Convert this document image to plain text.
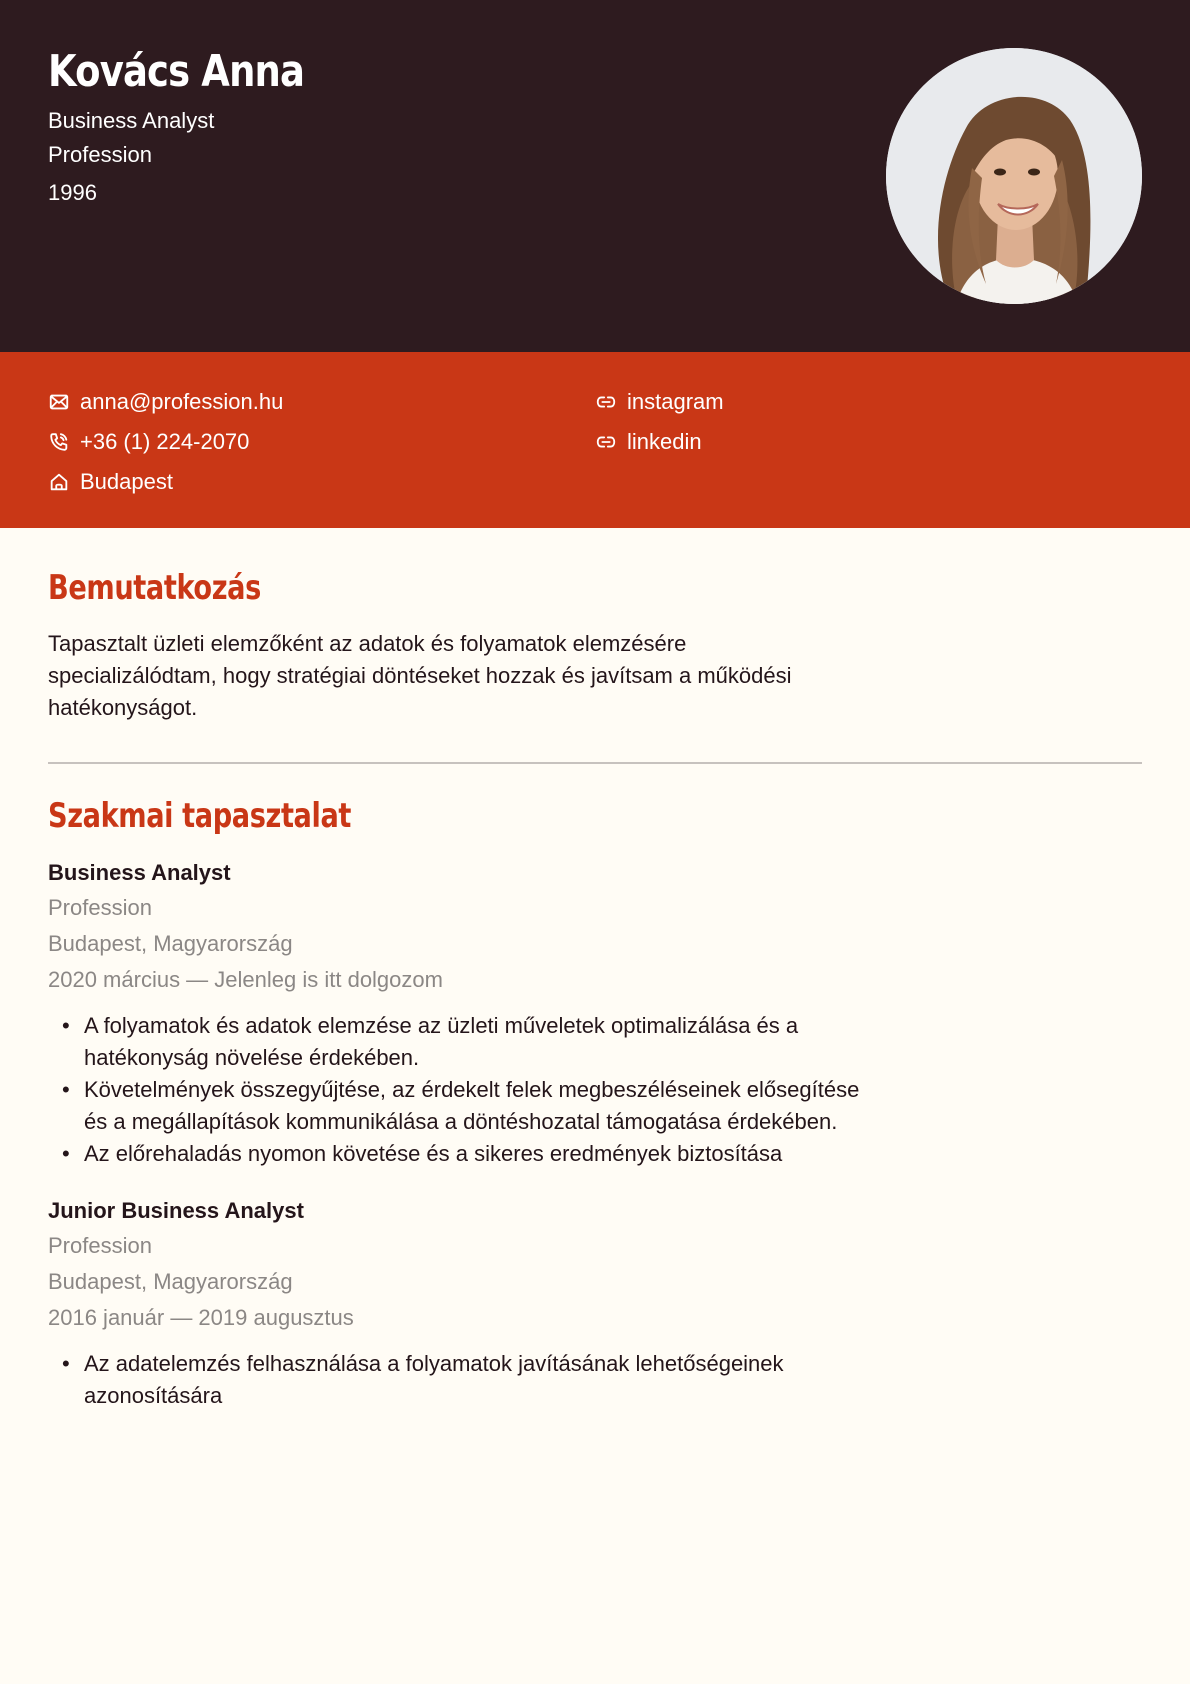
Kovács Anna
Business Analyst
Profession
1996
anna@profession.hu
+36 (1) 224-2070
Budapest
instagram
linkedin
Bemutatkozás

Tapasztalt üzleti elemzőként az adatok és folyamatok elemzésére specializálódtam, hogy stratégiai döntéseket hozzak és javítsam a működési hatékonyságot.

Szakmai tapasztalat
Business Analyst
Profession
Budapest, Magyarország
2020 március — Jelenleg is itt dolgozom
• A folyamatok és adatok elemzése az üzleti műveletek optimalizálása és a hatékonyság növelése érdekében.
• Követelmények összegyűjtése, az érdekelt felek megbeszéléseinek elősegítése és a megállapítások kommunikálása a döntéshozatal támogatása érdekében.
• Az előrehaladás nyomon követése és a sikeres eredmények biztosítása
Junior Business Analyst
Profession
Budapest, Magyarország
2016 január — 2019 augusztus
• Az adatelemzés felhasználása a folyamatok javításának lehetőségeinek azonosítására
